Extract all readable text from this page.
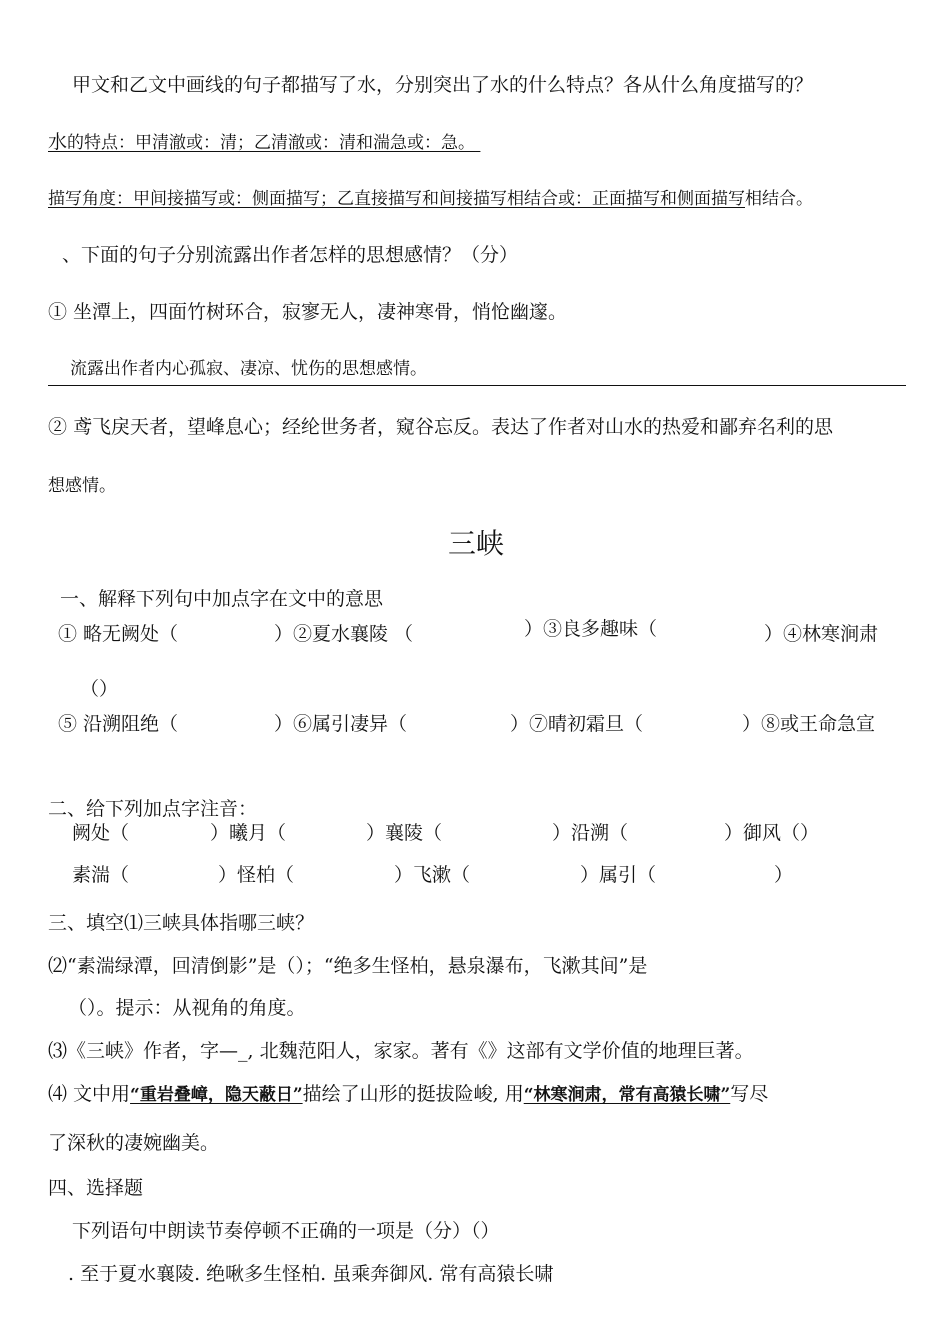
甲文和乙文中画线的句子都描写了水，分别突出了水的什么特点？各从什么角度描写的？
水的特点：甲清澈或：清；乙清澈或：清和湍急或：急。
描写角度：甲间接描写或：侧面描写；乙直接描写和间接描写相结合或：正面描写和侧面描写相结合。
、下面的句子分别流露出作者怎样的思想感情？（分）
① 坐潭上，四面竹树环合，寂寥无人，凄神寒骨，悄怆幽邃。
流露出作者内心孤寂、凄凉、忧伤的思想感情。
② 鸢飞戾天者，望峰息心；经纶世务者，窥谷忘反。表达了作者对山水的热爱和鄙弃名利的思
想感情。
三峡
一、解释下列句中加点字在文中的意思
① 略无阙处（	）②夏水襄陵 （	）③良多趣味（	）④林寒涧肃
（）
⑤ 沿溯阻绝（	）⑥属引凄异（	）⑦晴初霜旦（	）⑧或王命急宣
二、给下列加点字注音：
阙处（	）曦月（	）襄陵（	）沿溯（	）御风（）
素湍（	）怪柏（	）飞漱（	）属引（	）
三、填空⑴三峡具体指哪三峡？
⑵“素湍绿潭，回清倒影”是（）；“绝多生怪柏，悬泉瀑布，飞漱其间”是
（）。提示：从视角的角度。
⑶《三峡》作者，字—_, 北魏范阳人，家家。著有《》这部有文学价值的地理巨著。
⑷ 文中用“重岩叠嶂，隐天蔽日”描绘了山形的挺拔险峻, 用“林寒涧肃，常有高猿长啸”写尽
了深秋的凄婉幽美。
四、选择题
下列语句中朗读节奏停顿不正确的一项是（分）（）
. 至于夏水襄陵. 绝啾多生怪柏. 虽乘奔御风. 常有高猿长啸
